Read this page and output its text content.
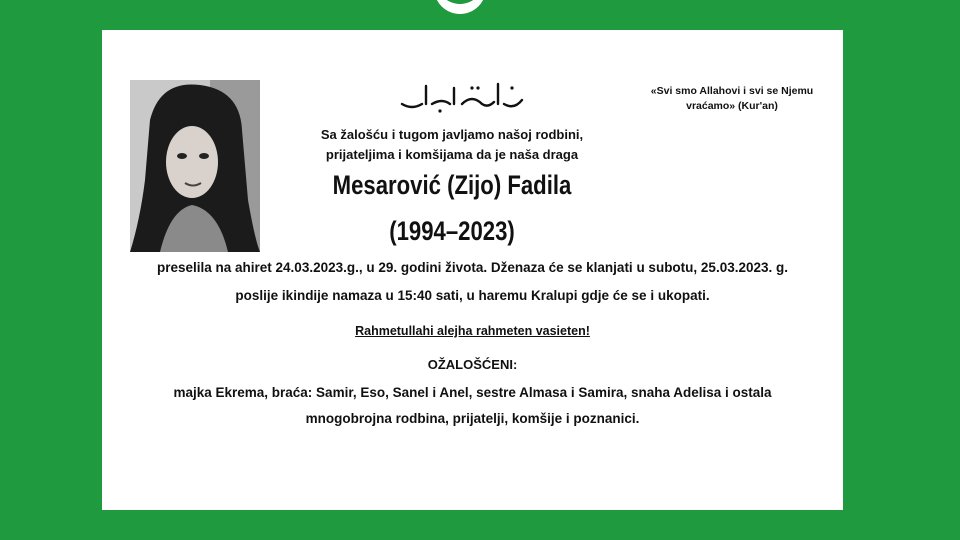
«Svi smo Allahovi i svi se Njemu vraćamo» (Kur'an)
Sa žalošću i tugom javljamo našoj rodbini,
prijateljima i komšijama da je naša draga
Mesarović (Zijo) Fadila
(1994–2023)
preselila na ahiret 24.03.2023.g., u 29. godini života. Dženaza će se klanjati u subotu, 25.03.2023. g.
poslije ikindije namaza u 15:40 sati, u haremu Kralupi gdje će se i ukopati.
Rahmetullahi alejha rahmeten vasieten!
OŽALOŠĆENI:
majka Ekrema, braća: Samir, Eso, Sanel i Anel, sestre Almasa i Samira, snaha Adelisa i ostala
mnogobrojna rodbina, prijatelji, komšije i poznanici.
